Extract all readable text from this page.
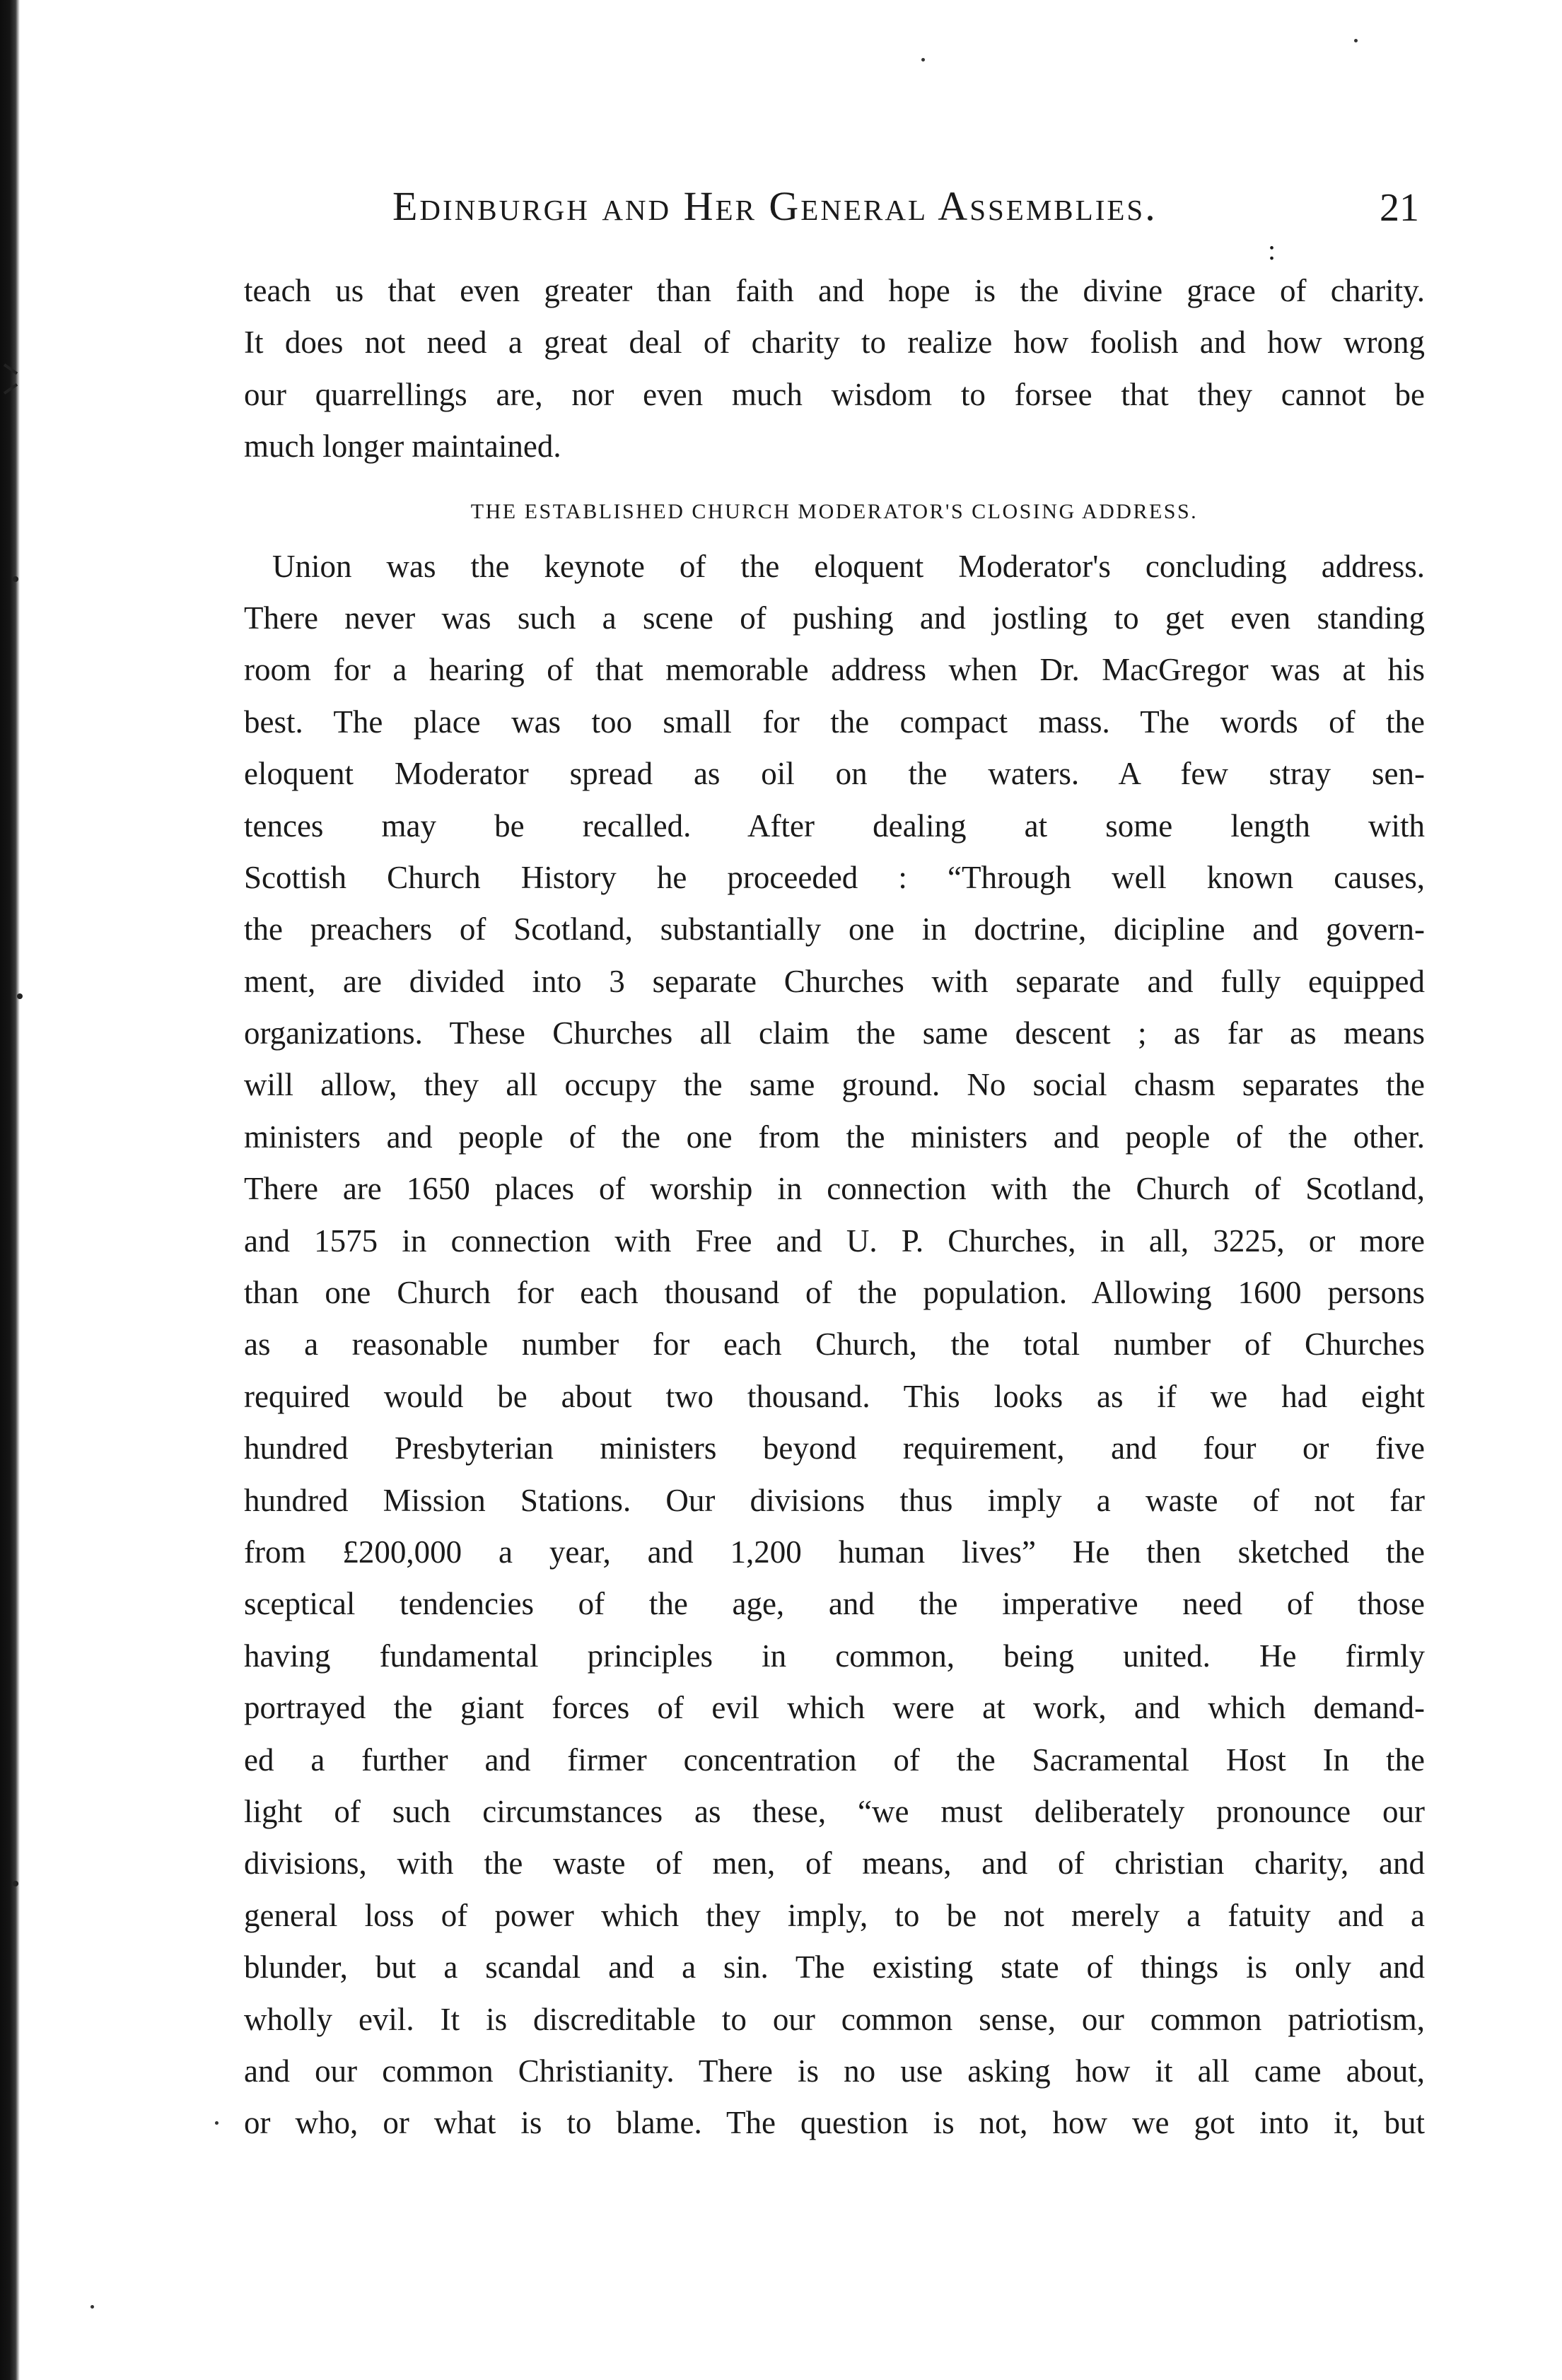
Edinburgh and Her General Assemblies.	21
:
teach us that even greater than faith and hope is the divine grace of charity.
It does not need a great deal of charity to realize how foolish and how wrong
our quarrellings are, nor even much wisdom to forsee that they cannot be
much longer maintained.
THE ESTABLISHED CHURCH MODERATOR'S CLOSING ADDRESS.
Union was the keynote of the eloquent Moderator's concluding address.
There never was such a scene of pushing and jostling to get even standing
room for a hearing of that memorable address when Dr. MacGregor was at his
best. The place was too small for the compact mass. The words of the
eloquent Moderator spread as oil on the waters. A few stray sen-
tences may be recalled. After dealing at some length with
Scottish Church History he proceeded : “Through well known causes,
the preachers of Scotland, substantially one in doctrine, dicipline and govern-
ment, are divided into 3 separate Churches with separate and fully equipped
organizations. These Churches all claim the same descent ; as far as means
will allow, they all occupy the same ground. No social chasm separates the
ministers and people of the one from the ministers and people of the other.
There are 1650 places of worship in connection with the Church of Scotland,
and 1575 in connection with Free and U. P. Churches, in all, 3225, or more
than one Church for each thousand of the population. Allowing 1600 persons
as a reasonable number for each Church, the total number of Churches
required would be about two thousand. This looks as if we had eight
hundred Presbyterian ministers beyond requirement, and four or five
hundred Mission Stations. Our divisions thus imply a waste of not far
from £200,000 a year, and 1,200 human lives” He then sketched the
sceptical tendencies of the age, and the imperative need of those
having fundamental principles in common, being united. He firmly
portrayed the giant forces of evil which were at work, and which demand-
ed a further and firmer concentration of the Sacramental Host In the
light of such circumstances as these, “we must deliberately pronounce our
divisions, with the waste of men, of means, and of christian charity, and
general loss of power which they imply, to be not merely a fatuity and a
blunder, but a scandal and a sin. The existing state of things is only and
wholly evil. It is discreditable to our common sense, our common patriotism,
and our common Christianity. There is no use asking how it all came about,
or who, or what is to blame. The question is not, how we got into it, but
